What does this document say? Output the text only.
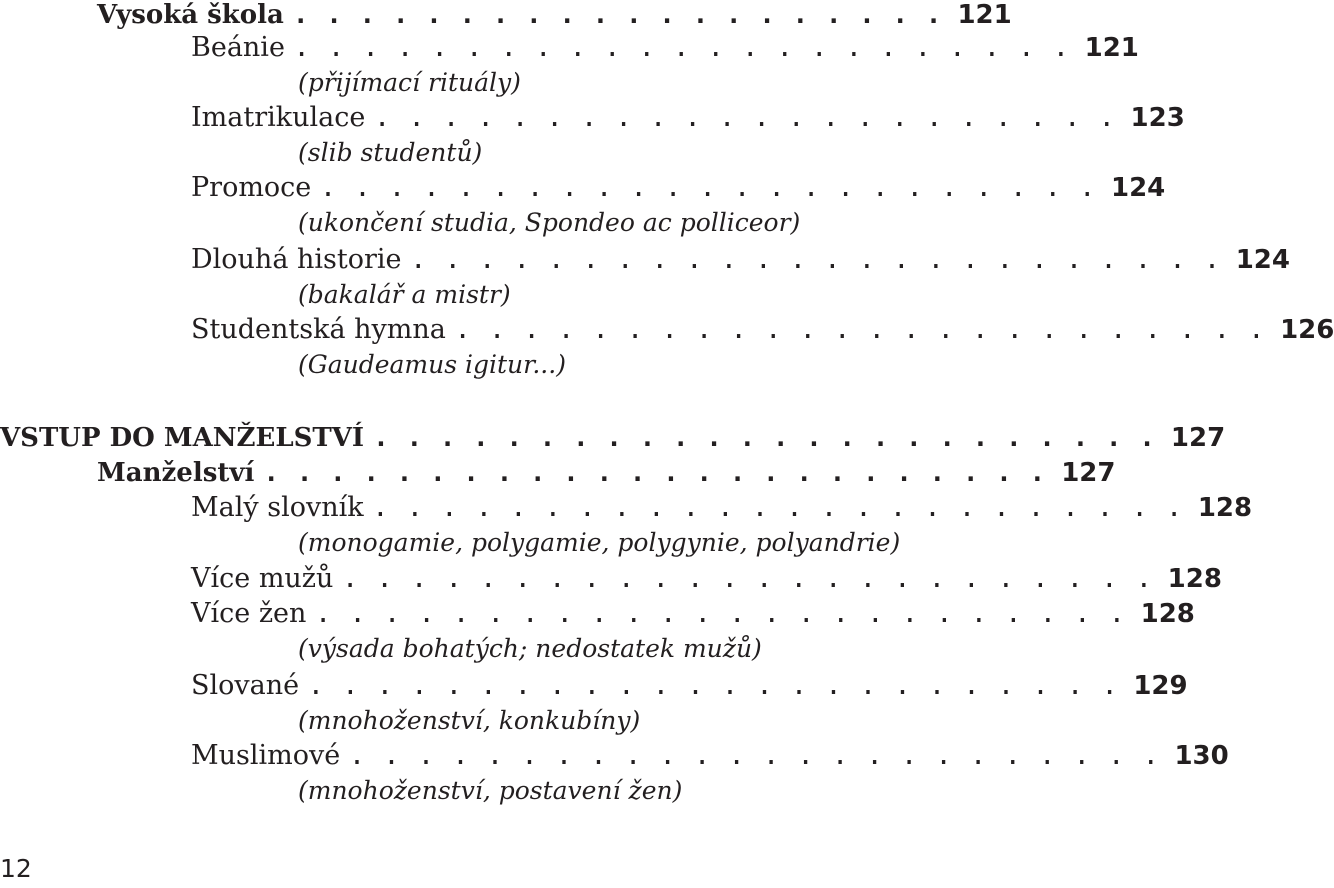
Vysoká škola . . . . . . . . . . . . . . . . . . . . 121
Beánie . . . . . . . . . . . . . . . . . . . . . . . 121
(přijímací rituály)
Imatrikulace . . . . . . . . . . . . . . . . . . . . . . 123
(slib studentů)
Promoce . . . . . . . . . . . . . . . . . . . . . . . 124
(ukončení studia, Spondeo ac polliceor)
Dlouhá historie . . . . . . . . . . . . . . . . . . . . . . . . 124
(bakalář a mistr)
Studentská hymna . . . . . . . . . . . . . . . . . . . . . . . . 126
(Gaudeamus igitur...)
VSTUP DO MANŽELSTVÍ . . . . . . . . . . . . . . . . . . . . . . . . 127
Manželství . . . . . . . . . . . . . . . . . . . . . . . . 127
Malý slovník . . . . . . . . . . . . . . . . . . . . . . . . 128
(monogamie, polygamie, polygynie, polyandrie)
Více mužů . . . . . . . . . . . . . . . . . . . . . . . . 128
Více žen . . . . . . . . . . . . . . . . . . . . . . . . 128
(výsada bohatých; nedostatek mužů)
Slované . . . . . . . . . . . . . . . . . . . . . . . . 129
(mnohoženství, konkubíny)
Muslimové . . . . . . . . . . . . . . . . . . . . . . . . 130
(mnohoženství, postavení žen)
12
